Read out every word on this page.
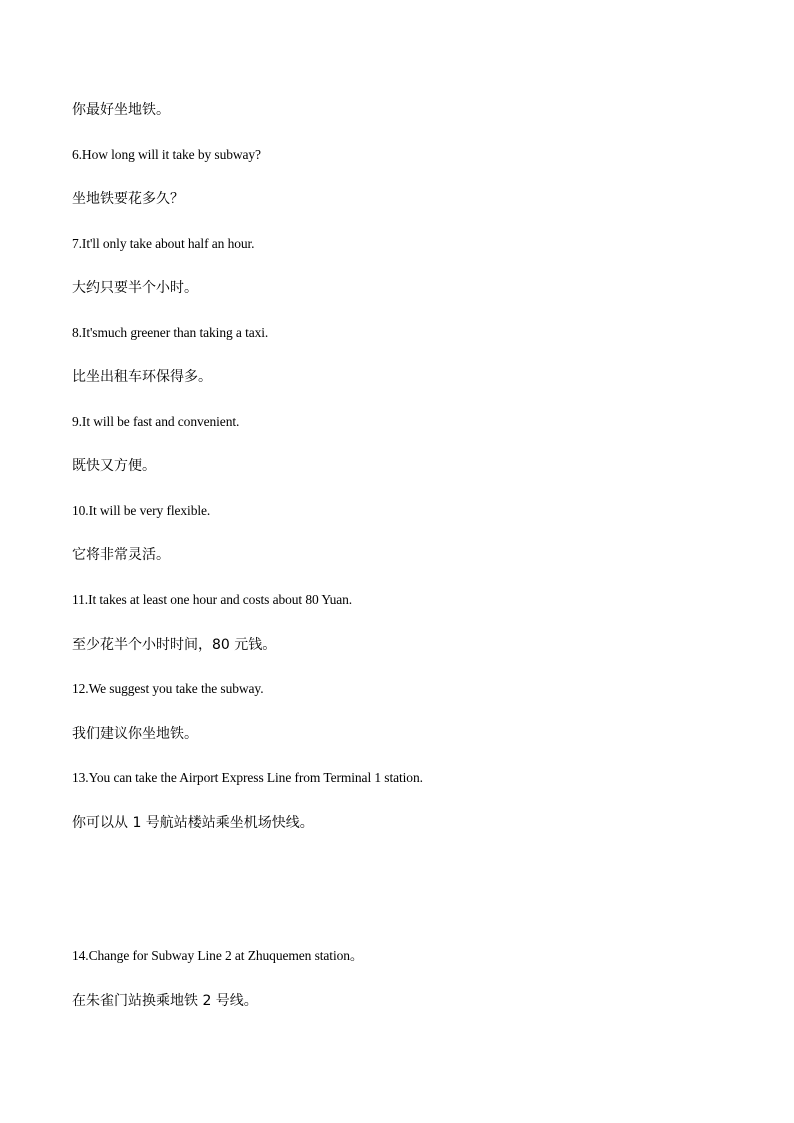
你最好坐地铁。
6.How long will it take by subway?
坐地铁要花多久？
7.It'll only take about half an hour.
大约只要半个小时。
8.It'smuch greener than taking a taxi.
比坐出租车环保得多。
9.It will be fast and convenient.
既快又方便。
10.It will be very flexible.
它将非常灵活。
11.It takes at least one hour and costs about 80 Yuan.
至少花半个小时时间，80 元钱。
12.We suggest you take the subway.
我们建议你坐地铁。
13.You can take the Airport Express Line from Terminal 1 station.
你可以从 1 号航站楼站乘坐机场快线。
14.Change for Subway Line 2 at Zhuquemen station。
在朱雀门站换乘地铁 2 号线。
